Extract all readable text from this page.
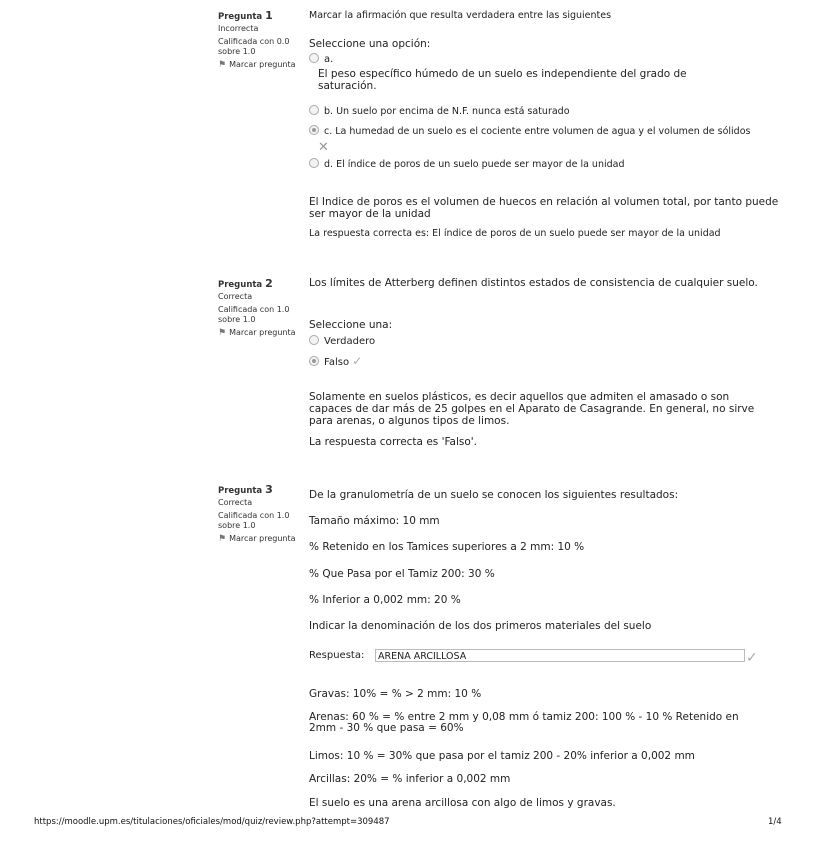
Pregunta 1
Incorrecta
Calificada con 0.0 sobre 1.0
⚑ Marcar pregunta
Marcar la afirmación que resulta verdadera entre las siguientes
Seleccione una opción:
a.
El peso específico húmedo de un suelo es independiente del grado de saturación.
b. Un suelo por encima de N.F. nunca está saturado
c. La humedad de un suelo es el cociente entre volumen de agua y el volumen de sólidos
✕
d. El índice de poros de un suelo puede ser mayor de la unidad
El Indice de poros es el volumen de huecos en relación al volumen total, por tanto puede ser mayor de la unidad
La respuesta correcta es: El índice de poros de un suelo puede ser mayor de la unidad
Pregunta 2
Correcta
Calificada con 1.0 sobre 1.0
⚑ Marcar pregunta
Los límites de Atterberg definen distintos estados de consistencia de cualquier suelo.
Seleccione una:
Verdadero
Falso ✓
Solamente en suelos plásticos, es decir aquellos que admiten el amasado o son capaces de dar más de 25 golpes en el Aparato de Casagrande. En general, no sirve para arenas, o algunos tipos de limos.
La respuesta correcta es 'Falso'.
Pregunta 3
Correcta
Calificada con 1.0 sobre 1.0
⚑ Marcar pregunta
De la granulometría de un suelo se conocen los siguientes resultados:
Tamaño máximo: 10 mm
% Retenido en los Tamices superiores a 2 mm: 10 %
% Que Pasa por el Tamiz 200: 30 %
% Inferior a 0,002 mm: 20 %
Indicar la denominación de los dos primeros materiales del suelo
Respuesta:	ARENA ARCILLOSA	✓
Gravas: 10% = % > 2 mm: 10 %
Arenas: 60 % = % entre 2 mm y 0,08 mm ó tamiz 200: 100 % - 10 % Retenido en 2mm - 30 % que pasa = 60%
Limos: 10 % = 30% que pasa por el tamiz 200 - 20% inferior a 0,002 mm
Arcillas: 20% = % inferior a 0,002 mm
El suelo es una arena arcillosa con algo de limos y gravas.
https://moodle.upm.es/titulaciones/oficiales/mod/quiz/review.php?attempt=309487	1/4
